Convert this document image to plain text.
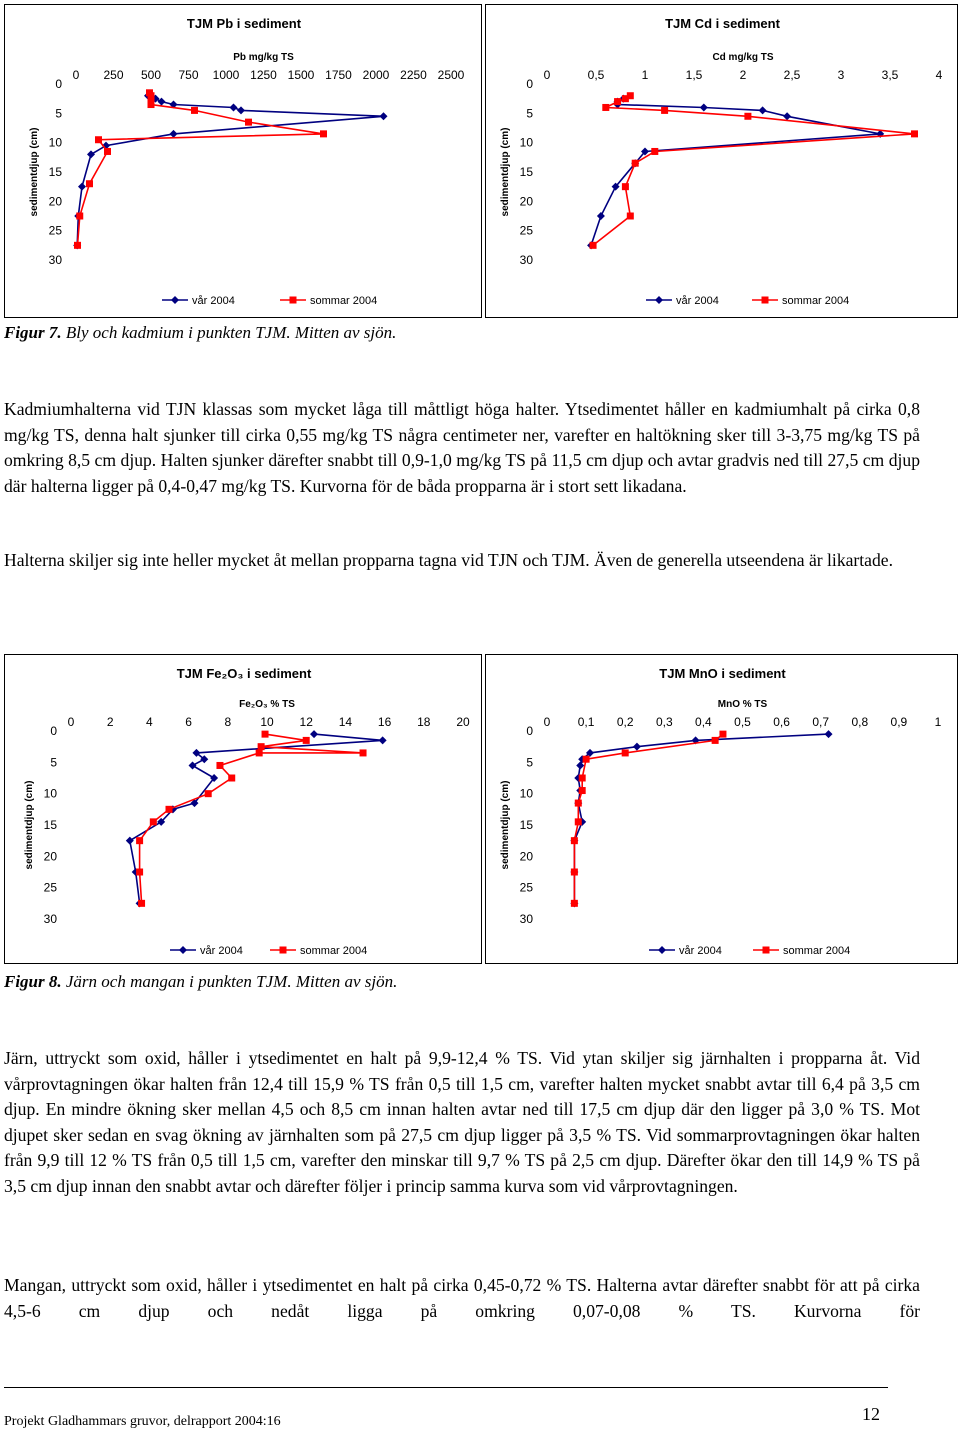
TJM Pb i sediment
Pb mg/kg TS
0 250 500 750 1000 1250 1500 1750 2000 2250 2500
0
5
10
15
20
25
30
sedimentdjup (cm)
vår 2004	sommar 2004
TJM Cd i sediment
Cd mg/kg TS
0	0,5	1	1,5	2	2,5	3	3,5	4
0
5
10
15
20
25
30
sedimentdjup (cm)
vår 2004	sommar 2004
Figur 7. Bly och kadmium i punkten TJM. Mitten av sjön.

Kadmiumhalterna vid TJN klassas som mycket låga till måttligt höga halter. Ytsedimentet håller en kadmiumhalt på cirka 0,8 mg/kg TS, denna halt sjunker till cirka 0,55 mg/kg TS några centimeter ner, varefter en haltökning sker till 3-3,75 mg/kg TS på omkring 8,5 cm djup. Halten sjunker därefter snabbt till 0,9-1,0 mg/kg TS på 11,5 cm djup och avtar gradvis ned till 27,5 cm djup där halterna ligger på 0,4-0,47 mg/kg TS. Kurvorna för de båda propparna är i stort sett likadana.

Halterna skiljer sig inte heller mycket åt mellan propparna tagna vid TJN och TJM. Även de generella utseendena är likartade.

TJM Fe₂O₃ i sediment
Fe₂O₃ % TS
0	2	4	6	8 10 12 14 16 18 20
0
5
10
15
20
25
30
sedimentdjup (cm)
vår 2004	sommar 2004
TJM MnO i sediment
MnO % TS
0 0,1 0,2 0,3 0,4 0,5 0,6 0,7 0,8 0,9 1
0
5
10
15
20
25
30
sedimentdjup (cm)
vår 2004	sommar 2004
Figur 8. Järn och mangan i punkten TJM. Mitten av sjön.

Järn, uttryckt som oxid, håller i ytsedimentet en halt på 9,9-12,4 % TS. Vid ytan skiljer sig järnhalten i propparna åt. Vid vårprovtagningen ökar halten från 12,4 till 15,9 % TS från 0,5 till 1,5 cm, varefter halten mycket snabbt avtar till 6,4 på 3,5 cm djup. En mindre ökning sker mellan 4,5 och 8,5 cm innan halten avtar ned till 17,5 cm djup där den ligger på 3,0 % TS. Mot djupet sker sedan en svag ökning av järnhalten som på 27,5 cm djup ligger på 3,5 % TS. Vid sommarprovtagningen ökar halten från 9,9 till 12 % TS från 0,5 till 1,5 cm, varefter den minskar till 9,7 % TS på 2,5 cm djup. Därefter ökar den till 14,9 % TS på 3,5 cm djup innan den snabbt avtar och därefter följer i princip samma kurva som vid vårprovtagningen.

Mangan, uttryckt som oxid, håller i ytsedimentet en halt på cirka 0,45-0,72 % TS. Halterna avtar därefter snabbt för att på cirka 4,5-6 cm djup och nedåt ligga på omkring 0,07-0,08 % TS. Kurvorna för

Projekt Gladhammars gruvor, delrapport 2004:16	12
